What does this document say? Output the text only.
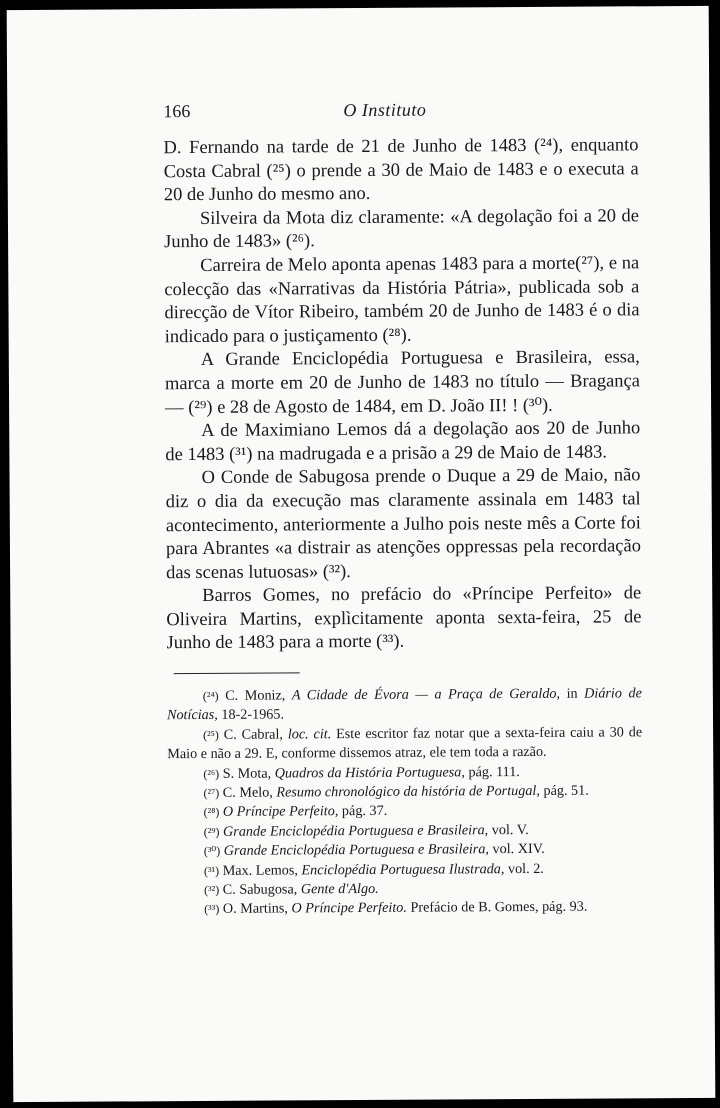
166	O Instituto

D. Fernando na tarde de 21 de Junho de 1483 (²⁴), enquanto Costa Cabral (²⁵) o prende a 30 de Maio de 1483 e o executa a 20 de Junho do mesmo ano.

Silveira da Mota diz claramente: «A degolação foi a 20 de Junho de 1483» (²⁶).

Carreira de Melo aponta apenas 1483 para a morte(²⁷), e na colecção das «Narrativas da História Pátria», publicada sob a direcção de Vítor Ribeiro, também 20 de Junho de 1483 é o dia indicado para o justiçamento (²⁸).

A Grande Enciclopédia Portuguesa e Brasileira, essa, marca a morte em 20 de Junho de 1483 no título — Bragança — (²⁹) e 28 de Agosto de 1484, em D. João II! ! (³⁰).

A de Maximiano Lemos dá a degolação aos 20 de Junho de 1483 (³¹) na madrugada e a prisão a 29 de Maio de 1483.

O Conde de Sabugosa prende o Duque a 29 de Maio, não diz o dia da execução mas claramente assinala em 1483 tal acontecimento, anteriormente a Julho pois neste mês a Corte foi para Abrantes «a distrair as atenções oppressas pela recordação das scenas lutuosas» (³²).

Barros Gomes, no prefácio do «Príncipe Perfeito» de Oliveira Martins, explìcitamente aponta sexta-feira, 25 de Junho de 1483 para a morte (³³).

(²⁴) C. Moniz, A Cidade de Évora — a Praça de Geraldo, in Diário de Notícias, 18-2-1965.

(²⁵) C. Cabral, loc. cit. Este escritor faz notar que a sexta-feira caiu a 30 de Maio e não a 29. E, conforme dissemos atraz, ele tem toda a razão.

(²⁶) S. Mota, Quadros da História Portuguesa, pág. 111.

(²⁷) C. Melo, Resumo chronológico da história de Portugal, pág. 51.

(²⁸) O Príncipe Perfeito, pág. 37.

(²⁹) Grande Enciclopédia Portuguesa e Brasileira, vol. V.

(³⁰) Grande Enciclopédia Portuguesa e Brasileira, vol. XIV.

(³¹) Max. Lemos, Enciclopédia Portuguesa Ilustrada, vol. 2.

(³²) C. Sabugosa, Gente d'Algo.

(³³) O. Martins, O Príncipe Perfeito. Prefácio de B. Gomes, pág. 93.
